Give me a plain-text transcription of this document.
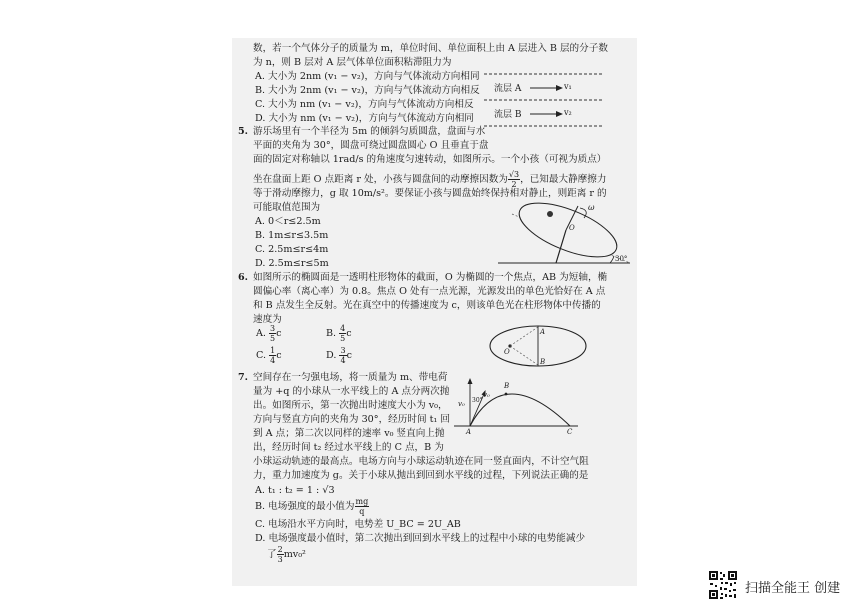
数，若一个气体分子的质量为 m，单位时间、单位面积上由 A 层进入 B 层的分子数
为 n，则 B 层对 A 层气体单位面积粘滞阻力为
A. 大小为 2nm (v₁ − v₂)，方向与气体流动方向相同
B. 大小为 2nm (v₁ − v₂)，方向与气体流动方向相反
C. 大小为 nm (v₁ − v₂)，方向与气体流动方向相反
D. 大小为 nm (v₁ − v₂)，方向与气体流动方向相同
流层 A	v₁
流层 B	v₂
5. 游乐场里有一个半径为 5m 的倾斜匀质圆盘，盘面与水
平面的夹角为 30°，圆盘可绕过圆盘圆心 O 且垂直于盘
面的固定对称轴以 1rad/s 的角速度匀速转动，如图所示。一个小孩（可视为质点）
坐在盘面上距 O 点距离 r 处，小孩与圆盘间的动摩擦因数为 $\frac{√3}{2}$ ，已知最大静摩擦力
等于滑动摩擦力，g 取 10m/s²。要保证小孩与圆盘始终保持相对静止，则距离 r 的
可能取值范围为
A. 0＜r≤2.5m
B. 1m≤r≤3.5m
C. 2.5m≤r≤4m
D. 2.5m≤r≤5m
ω
O
30°
6. 如图所示的椭圆面是一透明柱形物体的截面，O 为椭圆的一个焦点，AB 为短轴，椭
圆偏心率（离心率）为 0.8。焦点 O 处有一点光源，光源发出的单色光恰好在 A 点
和 B 点发生全反射。光在真空中的传播速度为 c，则该单色光在柱形物体中传播的
速度为
A. $\frac{3}{5}$ c	B. $\frac{4}{5}$ c
C. $\frac{1}{4}$ c	D. $\frac{3}{4}$ c
A
B
O
7. 空间存在一匀强电场，将一质量为 m、带电荷
量为 +q 的小球从一水平线上的 A 点分两次抛
出。如图所示，第一次抛出时速度大小为 v₀，
方向与竖直方向的夹角为 30°，经历时间 t₁ 回
到 A 点；第二次以同样的速率 v₀ 竖直向上抛
出，经历时间 t₂ 经过水平线上的 C 点，B 为
小球运动轨迹的最高点。电场方向与小球运动轨迹在同一竖直面内，不计空气阻
力，重力加速度为 g。关于小球从抛出到回到水平线的过程，下列说法正确的是
A. t₁ : t₂ = 1 : √3
B. 电场强度的最小值为 $\frac{mg}{q}$
C. 电场沿水平方向时，电势差 U_BC = 2U_AB
D. 电场强度最小值时，第二次抛出到回到水平线上的过程中小球的电势能减少
了 $\frac{2}{3} mv_0^2$
v₀
v₀
30°
B
A	C
扫描全能王 创建
